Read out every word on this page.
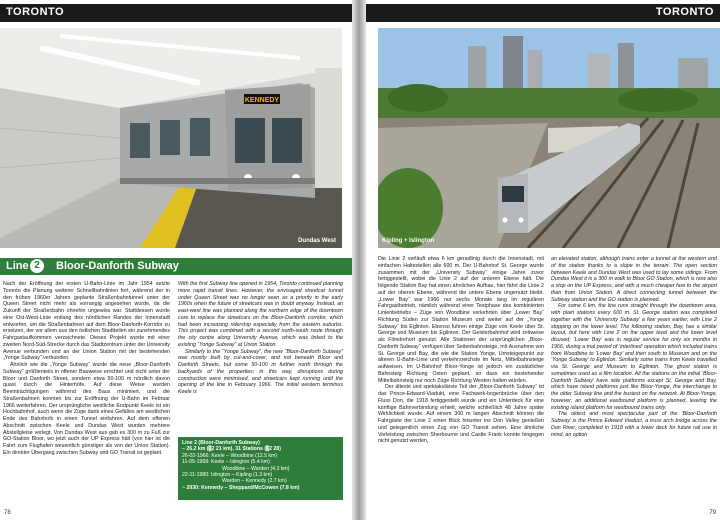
TORONTO
KENNEDY
Dundas West
Line 2	Bloor-Danforth Subway

Nach der Eröffnung der ersten U-Bahn-Linie im Jahr 1954 setzte Toronto die Planung weiterer Schnellbahnlinien fort, während der in den frühen 1960er Jahren geplante Straßenbahntunnel unter der Queen Street nicht mehr als vorrangig angesehen wurde, da die Zukunft der Straßenbahn ohnehin ungewiss war. Stattdessen wurde eine Ost-West-Linie entlang des nördlichen Randes der Innenstadt entworfen, um die Straßenbahnen auf dem Bloor-Danforth-Korridor zu ersetzen, der vor allem aus den östlichen Stadtteilen ein zunehmendes Fahrgastaufkommen verzeichnete. Dieses Projekt wurde mit einer zweiten Nord-Süd-Strecke durch das Stadtzentrum unter der University Avenue verbunden und an der Union Station mit der bestehenden „Yonge Subway“ verbunden.

Ähnlich wie die „Yonge Subway“ wurde die neue „Bloor-Danforth Subway“ größtenteils in offener Bauweise errichtet und nicht unter der Bloor und Danforth Street, sondern etwa 50-100 m nördlich davon quasi durch die Hinterhöfe. Auf diese Weise wurden Beeinträchtigungen während des Baus minimiert, und die Straßenbahnen konnten bis zur Eröffnung der U-Bahn im Februar 1966 weiterfahren. Der ursprüngliche westliche Endpunkt Keele ist ein Hochbahnhof, auch wenn die Züge dank eines Gefälles am westlichen Ende des Bahnhofs in einen Tunnel einfahren. Auf dem offenen Abschnitt zwischen Keele und Dundas West wurden mehrere Abstellgleise verlegt. Von Dundas West aus gab es 300 m zu Fuß zur GO-Station Bloor, wo jetzt auch der UP Express hält (von hier ist die Fahrt zum Flughafen wesentlich günstiger als von der Union Station). Ein direkter Übergang zwischen Subway und GO Transit ist geplant.

With the first Subway line opened in 1954, Toronto continued planning more rapid transit lines. However, the envisaged streetcar tunnel under Queen Street was no longer seen as a priority in the early 1960s when the future of streetcars was in doubt anyway. Instead, an east-west line was planned along the northern edge of the downtown core to replace the streetcars on the Bloor-Danforth corridor, which had been increasing ridership especially from the eastern suburbs. This project was combined with a second north-south route through the city centre along University Avenue, which was linked to the existing “Yonge Subway” at Union Station.

Similarly to the “Yonge Subway”, the new “Bloor-Danforth Subway” was mostly built by cut-and-cover, and not beneath Bloor and Danforth Streets, but some 50-100 m further north through the backyards of the properties; in this way, disruptions during construction were minimised, and streetcars kept running until the opening of the line in February 1966. The initial western terminus Keele is

Line 2 (Bloor-Danforth Subway)
– 26.2 km (␩2 21 km), 31 Stations (␩2 28)
26-02-1966: Keele – Woodbine (12.5 km)
11-05-1968: Keele – Islington (5.4 km)
Woodbine – Warden (4.3 km)
22-11-1980: Islington – Kipling (1.3 km)
Warden – Kennedy (2.7 km)
~ 2030: Kennedy – Sheppard/McCowen (7.8 km)
78
TORONTO
Kipling + Islington

Die Linie 2 verläuft etwa 6 km geradlinig durch die Innenstadt, mit einfachen Haltestellen alle 600 m. Der U-Bahnhof St. George wurde zusammen mit der „University Subway“ einige Jahre zuvor fertiggestellt, wobei die Linie 2 auf der unteren Ebene hält. Die folgende Station Bay hat einen ähnlichen Aufbau, hier fährt die Linie 2 auf der oberen Ebene, während die untere Ebene ungenutzt bleibt. „Lower Bay“ war 1966 nur sechs Monate lang im regulären Fahrgastbetrieb, nämlich während einer Testphase des kombinierten Linienbetriebs – Züge von Woodbine verkehrten über „Lower Bay“ Richtung Süden zur Station Museum und weiter auf der „Yonge Subway“ bis Eglinton. Ebenso fuhren einige Züge von Keele über St. George und Museum bis Eglinton. Der Geisterbahnhof wird zeitweise als Filmdrehort genutzt. Alle Stationen der ursprünglichen „Bloor-Danforth Subway“ verfügen über Seitenbahnsteige, mit Ausnahme von St. George und Bay, die wie die Station Yonge, Umsteigepunkt zur älteren U-Bahn-Linie und verkehrsreichste im Netz, Mittelbahnsteige aufweisen. Im U-Bahnhof Bloor-Yonge ist jedoch ein zusätzlicher Bahnsteig Richtung Osten geplant, so dass ein bestehender Mittelbahnsteig nur noch Züge Richtung Westen halten würden.

Der älteste und spektakulärste Teil der „Bloor-Danforth Subway“ ist das Prince-Edward-Viadukt, eine Fachwerk-bogenbrücke über den Fluss Don, die 1918 fertiggestellt wurde und ein Unterdeck für eine künftige Bahnverbindung erhielt, welche schließlich 48 Jahre später Wirklichkeit wurde. Auf einem 300 m langen Abschnitt können die Fahrgäste der Linie 2 einen Blick hinunter ins Don Valley genießen und gelegentlich einen Zug von GO Transit sehen. Eine ähnliche Vorleistung zwischen Sherbourne und Castle Frank konnte hingegen nicht genutzt werden,

an elevated station, although trains enter a tunnel at the western end of the station thanks to a slope in the terrain. The open section between Keele and Dundas West was used to lay some sidings. From Dundas West it is a 300 m walk to Bloor GO Station, which is now also a stop on the UP Express, and with a much cheaper fare to the airport than from Union Station. A direct connecting tunnel between the Subway station and the GO station is planned.

For some 6 km, the line runs straight through the downtown area, with plain stations every 600 m. St. George station was completed together with the ‘University Subway’ a few years earlier, with Line 2 stopping on the lower level. The following station, Bay, has a similar layout, but here with Line 2 on the upper level and the lower level disused; ‘Lower Bay’ was in regular service for only six months in 1966, during a trial period of ‘interlined’ operation which included trains from Woodbine to ‘Lower Bay’ and then south to Museum and on the ‘Yonge Subway’ to Eglinton. Similarly some trains from Keele travelled via St. George and Museum to Eglinton. The ghost station is sometimes used as a film location. All the stations on the initial ‘Bloor-Danforth Subway’ have side platforms except St. George and Bay, which have island platforms just like Bloor-Yonge, the interchange to the older Subway line and the busiest on the network. At Bloor-Yonge, however, an additional eastbound platform is planned, leaving the existing island platform for westbound trains only.

The oldest and most spectacular part of the ‘Bloor-Danforth Subway’ is the Prince Edward Viaduct, a truss arch bridge across the Don River, completed in 1918 with a lower deck for future rail use in mind, an option

79
